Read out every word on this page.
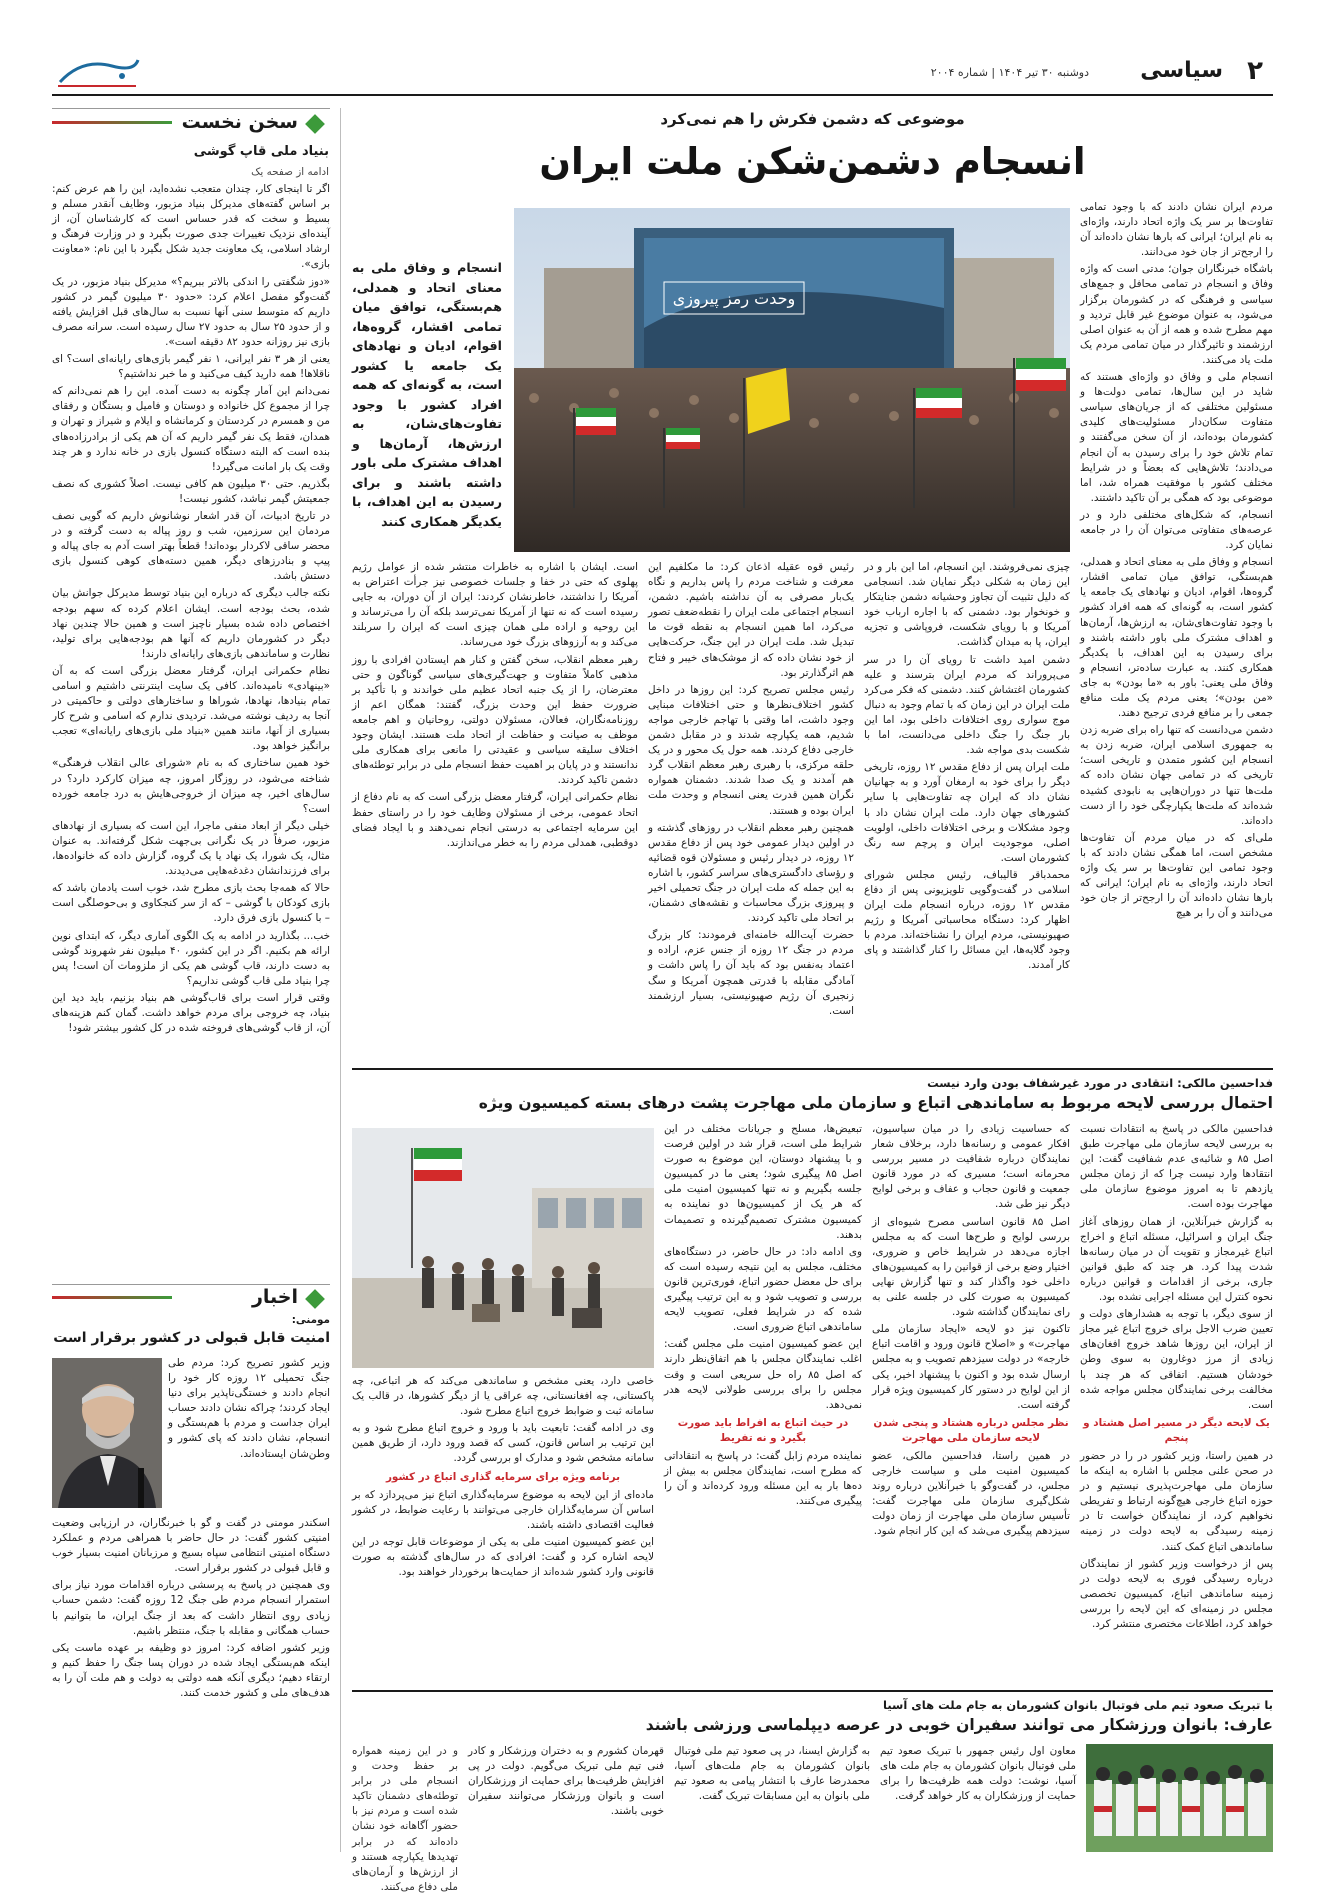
۲
سیاسی
دوشنبه ۳۰ تیر ۱۴۰۴ | شماره ۲۰۰۴
سخن نخست
بنیاد ملی قاپ گوشی
ادامه از صفحه یک

اگر تا اینجای کار، چندان متعجب نشده‌اید، این را هم عرض کنم: بر اساس گفته‌های مدیرکل بنیاد مزبور، وظایف آنقدر مسلم و بسیط و سخت که قدر حساس است که کارشناسان آن، از آینده‌ای نزدیک تغییرات جدی صورت بگیرد و در وزارت فرهنگ و ارشاد اسلامی، یک معاونت جدید شکل بگیرد با این نام: «معاونت بازی».

«دوز شگفتی را اندکی بالاتر ببریم؟» مدیرکل بنیاد مزبور، در یک گفت‌وگو مفصل اعلام کرد: «حدود ۳۰ میلیون گیمر در کشور داریم که متوسط سنی آنها نسبت به سال‌های قبل افزایش یافته و از حدود ۲۵ سال به حدود ۲۷ سال رسیده است. سرانه مصرف بازی نیز روزانه حدود ۸۲ دقیقه است».

یعنی از هر ۳ نفر ایرانی، ۱ نفر گیمر بازی‌های رایانه‌ای است؟ ای ناقلاها! همه دارید کیف می‌کنید و ما خبر نداشتیم؟

نمی‌دانم این آمار چگونه به دست آمده. این را هم نمی‌دانم که چرا از مجموع کل خانواده و دوستان و فامیل و بستگان و رفقای من و همسرم در کردستان و کرمانشاه و ایلام و شیراز و تهران و همدان، فقط یک نفر گیمر داریم که آن هم یکی از برادرزاده‌های بنده است که البته دستگاه کنسول بازی در خانه ندارد و هر چند وقت یک بار امانت می‌گیرد!

بگذریم. حتی ۳۰ میلیون هم کافی نیست. اصلاً کشوری که نصف جمعیتش گیمر نباشد، کشور نیست!

در تاریخ ادبیات، آن قدر اشعار نوشانوش داریم که گویی نصف مردمان این سرزمین، شب و روز پیاله به دست گرفته و در محضر ساقی لاکردار بوده‌اند! قطعاً بهتر است آدم به جای پیاله و پیپ و بنادرزهای دیگر، همین دسته‌های کوهی کنسول بازی دستش باشد.

نکته جالب دیگری که درباره این بنیاد توسط مدیرکل جوانش بیان شده، بحث بودجه است. ایشان اعلام کرده که سهم بودجه اختصاص داده شده بسیار ناچیز است و همین حالا چندین نهاد دیگر در کشورمان داریم که آنها هم بودجه‌هایی برای تولید، نظارت و ساماندهی بازی‌های رایانه‌ای دارند!

نظام حکمرانی ایران، گرفتار معضل بزرگی است که به آن «بینهادی» نامیده‌اند. کافی یک سایت اینترنتی داشتیم و اسامی تمام بنیادها، نهادها، شوراها و ساختارهای دولتی و حاکمیتی در آنجا به ردیف نوشته می‌شد. تردیدی ندارم که اسامی و شرح کار بسیاری از آنها، مانند همین «بنیاد ملی بازی‌های رایانه‌ای» تعجب برانگیز خواهد بود.

خود همین ساختاری که به نام «شورای عالی انقلاب فرهنگی» شناخته می‌شود، در روزگار امروز، چه میزان کارکرد دارد؟ در سال‌های اخیر، چه میزان از خروجی‌هایش به درد جامعه خورده است؟

خیلی دیگر از ابعاد منفی ماجرا، این است که بسیاری از نهادهای مزبور، صرفاً در یک نگرانی بی‌جهت شکل گرفته‌اند. به عنوان مثال، یک شورا، یک نهاد یا یک گروه، گزارش داده که خانواده‌ها، برای فرزندانشان دغدغه‌هایی می‌دیدند.

حالا که همه‌جا بحث بازی مطرح شد، خوب است یادمان باشد که بازی کودکان با گوشی – که از سر کنجکاوی و بی‌حوصلگی است – با کنسول بازی فرق دارد.

خب... بگذارید در ادامه به یک الگوی آماری دیگر، که ابتدای نوین ارائه هم بکنیم. اگر در این کشور، ۴۰ میلیون نفر شهروند گوشی به دست دارند، قاب گوشی هم یکی از ملزومات آن است! پس چرا بنیاد ملی قاب گوشی نداریم؟

وقتی قرار است برای قاب‌گوشی هم بنیاد بزنیم، باید دید این بنیاد، چه خروجی برای مردم خواهد داشت. گمان کنم هزینه‌های آن، از قاب گوشی‌های فروخته شده در کل کشور بیشتر شود!

اخبار
مومنی:
امنیت قابل قبولی در کشور برقرار است

وزیر کشور تصریح کرد: مردم طی جنگ تحمیلی ۱۲ روزه کار خود را انجام دادند و خستگی‌ناپذیر برای دنیا ایجاد کردند؛ چراکه نشان دادند حساب ایران جداست و مردم با هم‌بستگی و انسجام، نشان دادند که پای کشور و وطن‌شان ایستاده‌اند.

اسکندر مومنی در گفت و گو با خبرنگاران، در ارزیابی وضعیت امنیتی کشور گفت: در حال حاضر با همراهی مردم و عملکرد دستگاه امنیتی انتظامی سپاه بسیج و مرزبانان امنیت بسیار خوب و قابل قبولی در کشور برقرار است.

وی همچنین در پاسخ به پرسشی درباره اقدامات مورد نیاز برای استمرار انسجام مردم طی جنگ 12 روزه گفت: دشمن حساب زیادی روی انتظار داشت که بعد از جنگ ایران، ما بتوانیم با حساب همگانی و مقابله با جنگ، منتظر باشیم.

وزیر کشور اضافه کرد: امروز دو وظیفه بر عهده ماست یکی اینکه هم‌بستگی ایجاد شده در دوران پسا جنگ را حفظ کنیم و ارتقاء دهیم؛ دیگری آنکه همه دولتی به دولت و هم ملت آن را به هدف‌های ملی و کشور خدمت کنند.

موضوعی که دشمن فکرش را هم نمی‌کرد
انسجام دشمن‌شکن ملت ایران

مردم ایران نشان دادند که با وجود تمامی تفاوت‌ها بر سر یک واژه اتحاد دارند، واژه‌ای به نام ایران؛ ایرانی که بارها نشان داده‌اند آن را ارجح‌تر از جان خود می‌دانند.

باشگاه خبرنگاران جوان؛ مدتی است که واژه وفاق و انسجام در تمامی محافل و جمع‌های سیاسی و فرهنگی که در کشورمان برگزار می‌شود، به عنوان موضوع غیر قابل تردید و مهم مطرح شده و همه از آن به عنوان اصلی ارزشمند و تاثیرگذار در میان تمامی مردم یک ملت یاد می‌کنند.

انسجام ملی و وفاق دو واژه‌ای هستند که شاید در این سال‌ها، تمامی دولت‌ها و مسئولین مختلفی که از جریان‌های سیاسی متفاوت سکان‌دار مسئولیت‌های کلیدی کشورمان بوده‌اند، از آن سخن می‌گفتند و تمام تلاش خود را برای رسیدن به آن انجام می‌دادند؛ تلاش‌هایی که بعضاً و در شرایط مختلف کشور با موفقیت همراه شد، اما موضوعی بود که همگی بر آن تاکید داشتند.

انسجام، که شکل‌های مختلفی دارد و در عرصه‌های متفاوتی می‌توان آن را در جامعه نمایان کرد.

انسجام و وفاق ملی به معنای اتحاد و همدلی، هم‌بستگی، توافق میان تمامی اقشار، گروه‌ها، اقوام، ادیان و نهادهای یک جامعه یا کشور است، به گونه‌ای که همه افراد کشور با وجود تفاوت‌های‌شان، به ارزش‌ها، آرمان‌ها و اهداف مشترک ملی باور داشته باشند و برای رسیدن به این اهداف، با یکدیگر همکاری کنند. به عبارت ساده‌تر، انسجام و وفاق ملی یعنی: باور به «ما بودن» به جای «من بودن»؛ یعنی مردم یک ملت منافع جمعی را بر منافع فردی ترجیح دهند.

دشمن می‌دانست که تنها راه برای ضربه زدن به جمهوری اسلامی ایران، ضربه زدن به انسجام این کشور متمدن و تاریخی است؛ تاریخی که در تمامی جهان نشان داده که ملت‌ها تنها در دوران‌هایی به نابودی کشیده شده‌اند که ملت‌ها یکپارچگی خود را از دست داده‌اند.

ملی‌ای که در میان مردم آن تفاوت‌ها مشخص است، اما همگی نشان دادند که با وجود تمامی این تفاوت‌ها بر سر یک واژه اتحاد دارند، واژه‌ای به نام ایران؛ ایرانی که بارها نشان داده‌اند آن را ارجح‌تر از جان خود می‌دانند و آن را بر هیچ

وحدت رمز پیروزی
انسجام و وفاق ملی به معنای اتحاد و همدلی، هم‌بستگی، توافق میان تمامی اقشار، گروه‌ها، اقوام، ادیان و نهادهای یک جامعه یا کشور است، به گونه‌ای که همه افراد کشور با وجود تفاوت‌های‌شان، به ارزش‌ها، آرمان‌ها و اهداف مشترک ملی باور داشته باشند و برای رسیدن به این اهداف، با یکدیگر همکاری کنند

چیزی نمی‌فروشند. این انسجام، اما این بار و در این زمان به شکلی دیگر نمایان شد. انسجامی که دلیل تثبیت آن تجاوز وحشیانه دشمن جنایتکار و خونخوار بود. دشمنی که با اجاره ارباب خود آمریکا و با رویای شکست، فروپاشی و تجزیه ایران، پا به میدان گذاشت.

دشمن امید داشت تا رویای آن را در سر می‌پروراند که مردم ایران بترسند و علیه کشورمان اغتشاش کنند. دشمنی که فکر می‌کرد ملت ایران در این زمان که با تمام وجود به دنبال موج سواری روی اختلافات داخلی بود، اما این بار جنگ را جنگ داخلی می‌دانست، اما با شکست بدی مواجه شد.

ملت ایران پس از دفاع مقدس ۱۲ روزه، تاریخی دیگر را برای خود به ارمغان آورد و به جهانیان نشان داد که ایران چه تفاوت‌هایی با سایر کشورهای جهان دارد. ملت ایران نشان داد با وجود مشکلات و برخی اختلافات داخلی، اولویت اصلی، موجودیت ایران و پرچم سه رنگ کشورمان است.

محمدباقر قالیباف، رئیس مجلس شورای اسلامی در گفت‌وگویی تلویزیونی پس از دفاع مقدس ۱۲ روزه، درباره انسجام ملت ایران اظهار کرد: دستگاه محاسباتی آمریکا و رژیم صهیونیستی، مردم ایران را نشناخته‌اند. مردم با وجود گلایه‌ها، این مسائل را کنار گذاشتند و پای کار آمدند.

رئیس قوه عقیله اذعان کرد: ما مکلفیم این معرفت و شناخت مردم را پاس بداریم و نگاه یک‌بار مصرفی به آن نداشته باشیم. دشمن، انسجام اجتماعی ملت ایران را نقطه‌ضعف تصور می‌کرد، اما همین انسجام به نقطه قوت ما تبدیل شد. ملت ایران در این جنگ، حرکت‌هایی از خود نشان داده که از موشک‌های خیبر و فتاح هم اثرگذارتر بود.

رئیس مجلس تصریح کرد: این روزها در داخل کشور اختلاف‌نظرها و حتی اختلافات مبنایی وجود داشت، اما وقتی با تهاجم خارجی مواجه شدیم، همه یکپارچه شدند و در مقابل دشمن خارجی دفاع کردند. همه حول یک محور و در یک حلقه مرکزی، با رهبری رهبر معظم انقلاب گرد هم آمدند و یک صدا شدند. دشمنان همواره نگران همین قدرت یعنی انسجام و وحدت ملت ایران بوده و هستند.

همچنین رهبر معظم انقلاب در روزهای گذشته و در اولین دیدار عمومی خود پس از دفاع مقدس ۱۲ روزه، در دیدار رئیس و مسئولان قوه قضائیه و رؤسای دادگستری‌های سراسر کشور، با اشاره به این جمله که ملت ایران در جنگ تحمیلی اخیر و پیروزی بزرگ محاسبات و نقشه‌های دشمنان، بر اتحاد ملی تاکید کردند.

حضرت آیت‌الله خامنه‌ای فرمودند: کار بزرگ مردم در جنگ ۱۲ روزه از جنس عزم، اراده و اعتماد به‌نفس بود که باید آن را پاس داشت و آمادگی مقابله با قدرتی همچون آمریکا و سگ زنجیری آن رژیم صهیونیستی، بسیار ارزشمند است.

است. ایشان با اشاره به خاطرات منتشر شده از عوامل رژیم پهلوی که حتی در خفا و جلسات خصوصی نیز جرأت اعتراض به آمریکا را نداشتند، خاطرنشان کردند: ایران از آن دوران، به جایی رسیده است که نه تنها از آمریکا نمی‌ترسد بلکه آن را می‌ترساند و این روحیه و اراده ملی همان چیزی است که ایران را سربلند می‌کند و به آرزوهای بزرگ خود می‌رساند.

رهبر معظم انقلاب، سخن گفتن و کنار هم ایستادن افرادی با روز مذهبی کاملاً متفاوت و جهت‌گیری‌های سیاسی گوناگون و حتی معترضان، را از یک جنبه اتحاد عظیم ملی خواندند و با تأکید بر ضرورت حفظ این وحدت بزرگ، گفتند: همگان اعم از روزنامه‌نگاران، فعالان، مسئولان دولتی، روحانیان و اهم جامعه موظف به صیانت و حفاظت از اتحاد ملت هستند. ایشان وجود اختلاف سلیقه سیاسی و عقیدتی را مانعی برای همکاری ملی ندانستند و در پایان بر اهمیت حفظ انسجام ملی در برابر توطئه‌های دشمن تاکید کردند.

نظام حکمرانی ایران، گرفتار معضل بزرگی است که به نام دفاع از اتحاد عمومی، برخی از مسئولان وظایف خود را در راستای حفظ این سرمایه اجتماعی به درستی انجام نمی‌دهند و با ایجاد فضای دوقطبی، همدلی مردم را به خطر می‌اندازند.

فداحسین مالکی: انتقادی در مورد غیرشفاف بودن وارد نیست
احتمال بررسی لایحه مربوط به ساماندهی اتباع و سازمان ملی مهاجرت پشت درهای بسته کمیسیون ویژه

فداحسین مالکی در پاسخ به انتقادات نسبت به بررسی لایحه سازمان ملی مهاجرت طبق اصل ۸۵ و شائبه‌ی عدم شفافیت گفت: این انتقادها وارد نیست چرا که از زمان مجلس یازدهم تا به امروز موضوع سازمان ملی مهاجرت بوده است.

به گزارش خبرآنلاین، از همان روزهای آغاز جنگ ایران و اسرائیل، مسئله اتباع و اخراج اتباع غیرمجاز و تقویت آن در میان رسانه‌ها شدت پیدا کرد. هر چند که طبق قوانین جاری، برخی از اقدامات و قوانین درباره نحوه کنترل این مسئله اجرایی نشده بود.

از سوی دیگر، با توجه به هشدارهای دولت و تعیین ضرب الاجل برای خروج اتباع غیر مجاز از ایران، این روزها شاهد خروج افغان‌های زیادی از مرز دوغارون به سوی وطن خودشان هستیم. اتفاقی که هر چند با مخالفت برخی نمایندگان مجلس مواجه شده است.

یک لایحه دیگر در مسیر اصل هشتاد و پنجم

در همین راستا، وزیر کشور در را در حضور در صحن علنی مجلس با اشاره به اینکه ما سازمان ملی مهاجرت‌پذیری نیستیم و در حوزه اتباع خارجی هیچ‌گونه ارتباط و تفریطی نخواهیم کرد، از نمایندگان خواست تا در زمینه رسیدگی به لایحه دولت در زمینه ساماندهی اتباع کمک کنند.

پس از درخواست وزیر کشور از نمایندگان درباره رسیدگی فوری به لایحه دولت در زمینه ساماندهی اتباع، کمیسیون تخصصی مجلس در زمینه‌ای که این لایحه را بررسی خواهد کرد، اطلاعات مختصری منتشر کرد.

که حساسیت زیادی را در میان سیاسیون، افکار عمومی و رسانه‌ها دارد، برخلاف شعار نمایندگان درباره شفافیت در مسیر بررسی محرمانه است؛ مسیری که در مورد قانون جمعیت و قانون حجاب و عفاف و برخی لوایح دیگر نیز طی شد.

اصل ۸۵ قانون اساسی مصرح شیوه‌ای از بررسی لوایح و طرح‌ها است که به مجلس اجازه می‌دهد در شرایط خاص و ضروری، اختیار وضع برخی از قوانین را به کمیسیون‌های داخلی خود واگذار کند و تنها گزارش نهایی کمیسیون به صورت کلی در جلسه علنی به رای نمایندگان گذاشته شود.

تاکنون نیز دو لایحه «ایجاد سازمان ملی مهاجرت» و «اصلاح قانون ورود و اقامت اتباع خارجه» در دولت سیزدهم تصویب و به مجلس ارسال شده بود و اکنون با پیشنهاد اخیر، یکی از این لوایح در دستور کار کمیسیون ویژه قرار گرفته است.

نظر مجلس درباره هشتاد و پنجی شدن لایحه سازمان ملی مهاجرت

در همین راستا، فداحسین مالکی، عضو کمیسیون امنیت ملی و سیاست خارجی مجلس، در گفت‌وگو با خبرآنلاین درباره روند شکل‌گیری سازمان ملی مهاجرت گفت: تأسیس سازمان ملی مهاجرت از زمان دولت سیزدهم پیگیری می‌شد که این کار انجام شود.

تبعیض‌ها، مسلح و جریانات مختلف در این شرایط ملی است، قرار شد در اولین فرصت و با پیشنهاد دوستان، این موضوع به صورت اصل ۸۵ پیگیری شود؛ یعنی ما در کمیسیون جلسه بگیریم و نه تنها کمیسیون امنیت ملی که هر یک از کمیسیون‌ها دو نماینده به کمیسیون مشترک تصمیم‌گیرنده و تصمیمات بدهند.

وی ادامه داد: در حال حاضر، در دستگاه‌های مختلف، مجلس به این نتیجه رسیده است که برای حل معضل حضور اتباع، فوری‌ترین قانون بررسی و تصویب شود و به این ترتیب پیگیری شده که در شرایط فعلی، تصویب لایحه ساماندهی اتباع ضروری است.

این عضو کمیسیون امنیت ملی مجلس گفت: اغلب نمایندگان مجلس با هم اتفاق‌نظر دارند که اصل ۸۵ راه حل سریعی است و وقت مجلس را برای بررسی طولانی لایحه هدر نمی‌دهد.

در حیث اتباع به افراط باید صورت بگیرد و نه تفریط

نماینده مردم زابل گفت: در پاسخ به انتقاداتی که مطرح است، نمایندگان مجلس به بیش از ده‌ها بار به این مسئله ورود کرده‌اند و آن را پیگیری می‌کنند.

خاصی دارد، یعنی مشخص و ساماندهی می‌کند که هر اتباعی، چه پاکستانی، چه افغانستانی، چه عراقی یا از دیگر کشورها، در قالب یک سامانه ثبت و ضوابط خروج اتباع مطرح شود.

وی در ادامه گفت: تابعیت باید با ورود و خروج اتباع مطرح شود و به این ترتیب بر اساس قانون، کسی که قصد ورود دارد، از طریق همین سامانه مشخص شود و مدارک او بررسی گردد.

برنامه ویژه برای سرمایه گذاری اتباع در کشور

ماده‌ای از این لایحه به موضوع سرمایه‌گذاری اتباع نیز می‌پردازد که بر اساس آن سرمایه‌گذاران خارجی می‌توانند با رعایت ضوابط، در کشور فعالیت اقتصادی داشته باشند.

این عضو کمیسیون امنیت ملی به یکی از موضوعات قابل توجه در این لایحه اشاره کرد و گفت: افرادی که در سال‌های گذشته به صورت قانونی وارد کشور شده‌اند از حمایت‌ها برخوردار خواهند بود.

با تبریک صعود تیم ملی فوتبال بانوان کشورمان به جام ملت های آسیا
عارف: بانوان ورزشکار می توانند سفیران خوبی در عرصه دیپلماسی ورزشی باشند

معاون اول رئیس جمهور با تبریک صعود تیم ملی فوتبال بانوان کشورمان به جام ملت های آسیا، نوشت: دولت همه ظرفیت‌ها را برای حمایت از ورزشکاران به کار خواهد گرفت.

به گزارش ایسنا، در پی صعود تیم ملی فوتبال بانوان کشورمان به جام ملت‌های آسیا، محمدرضا عارف با انتشار پیامی به صعود تیم ملی بانوان به این مسابقات تبریک گفت.

قهرمان کشورم و به دختران ورزشکار و کادر فنی تیم ملی تبریک می‌گویم. دولت در پی افزایش ظرفیت‌ها برای حمایت از ورزشکاران است و بانوان ورزشکار می‌توانند سفیران خوبی باشند.

و در این زمینه همواره بر حفظ وحدت و انسجام ملی در برابر توطئه‌های دشمنان تاکید شده است و مردم نیز با حضور آگاهانه خود نشان داده‌اند که در برابر تهدیدها یکپارچه هستند و از ارزش‌ها و آرمان‌های ملی دفاع می‌کنند.
